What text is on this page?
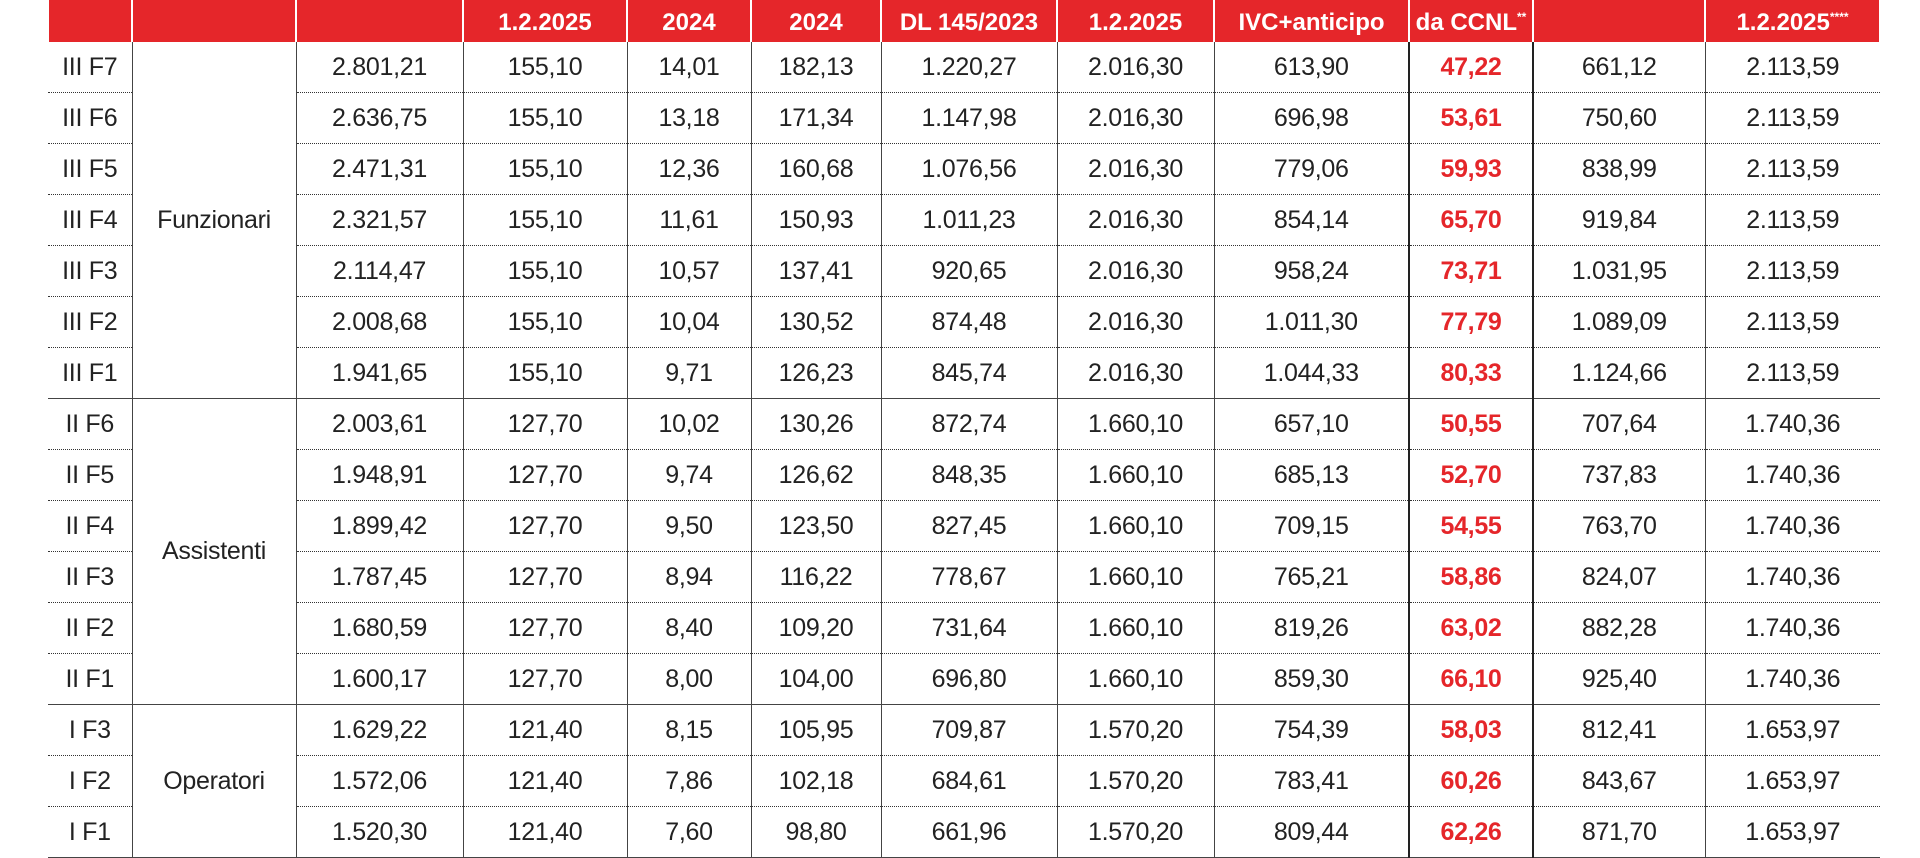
			1.2.2025	2024	2024	DL 145/2023	1.2.2025	IVC+anticipo	da CCNL**		1.2.2025****

III F7	Funzionari	2.801,21	155,10	14,01	182,13	1.220,27	2.016,30	613,90	47,22	661,12	2.113,59
III F6		2.636,75	155,10	13,18	171,34	1.147,98	2.016,30	696,98	53,61	750,60	2.113,59
III F5		2.471,31	155,10	12,36	160,68	1.076,56	2.016,30	779,06	59,93	838,99	2.113,59
III F4		2.321,57	155,10	11,61	150,93	1.011,23	2.016,30	854,14	65,70	919,84	2.113,59
III F3		2.114,47	155,10	10,57	137,41	920,65	2.016,30	958,24	73,71	1.031,95	2.113,59
III F2		2.008,68	155,10	10,04	130,52	874,48	2.016,30	1.011,30	77,79	1.089,09	2.113,59
III F1		1.941,65	155,10	9,71	126,23	845,74	2.016,30	1.044,33	80,33	1.124,66	2.113,59
II F6	Assistenti	2.003,61	127,70	10,02	130,26	872,74	1.660,10	657,10	50,55	707,64	1.740,36
II F5		1.948,91	127,70	9,74	126,62	848,35	1.660,10	685,13	52,70	737,83	1.740,36
II F4		1.899,42	127,70	9,50	123,50	827,45	1.660,10	709,15	54,55	763,70	1.740,36
II F3		1.787,45	127,70	8,94	116,22	778,67	1.660,10	765,21	58,86	824,07	1.740,36
II F2		1.680,59	127,70	8,40	109,20	731,64	1.660,10	819,26	63,02	882,28	1.740,36
II F1		1.600,17	127,70	8,00	104,00	696,80	1.660,10	859,30	66,10	925,40	1.740,36
I F3	Operatori	1.629,22	121,40	8,15	105,95	709,87	1.570,20	754,39	58,03	812,41	1.653,97
I F2		1.572,06	121,40	7,86	102,18	684,61	1.570,20	783,41	60,26	843,67	1.653,97
I F1		1.520,30	121,40	7,60	98,80	661,96	1.570,20	809,44	62,26	871,70	1.653,97
